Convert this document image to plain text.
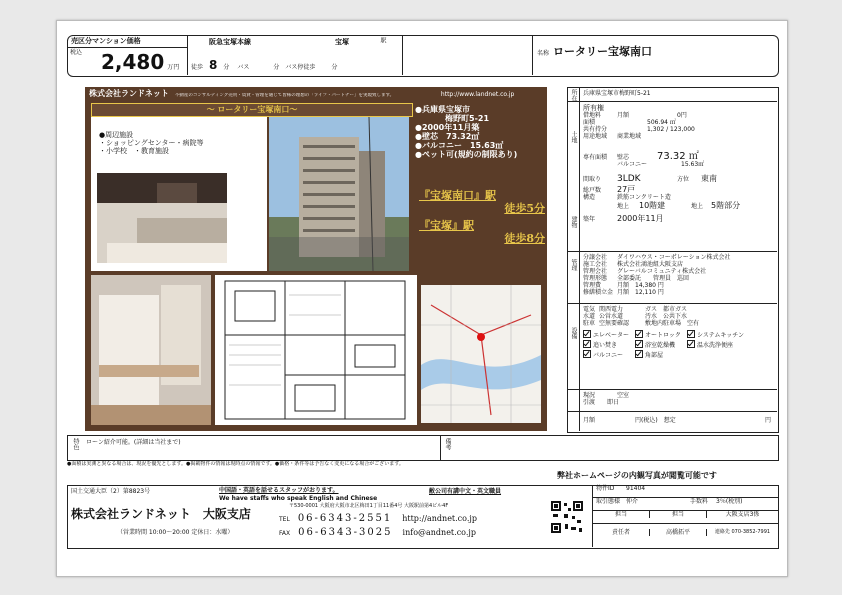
売区分マンション価格
税込 2,480 万円
阪急宝塚本線	宝塚	駅
徒歩 8 分 バス	分 バス停徒歩	分
名称 ロータリー宝塚南口
株式会社ランドネット 不動産のコンサルティング売買・賃貸・管理を通じて皆様の理想の「ライフ・パートナー」を実現致します。	http://www.landnet.co.jp
～ ロータリー宝塚南口～
●周辺施設
・ショッピングセンター・病院等
・小学校　・教育施設
●兵庫県宝塚市
梅野町5-21
●2000年11月築
●壁芯　73.32㎡
●バルコニー　15.63㎡
●ペット可(規約の制限あり)
『宝塚南口』駅
徒歩5分
『宝塚』駅
徒歩8分
特色 ローン紹介可能。(詳細は当社まで)	備考
所在 兵庫県宝塚市梅野町5-21
土地
所有権
借地料	月額　　　　　　　　0円
面積	506.94 ㎡
共有持分	1,302 / 123,000
用途地域	商業地域
建物
専有面積	壁芯	73.32 ㎡
バルコニー	15.63㎡
間取り	3LDK	方位	東南
総戸数	27戸
構造	鉄筋コンクリート造
地上	10階建	地上 5階部分
築年	2000年11月
管理
分譲会社	ダイワハウス・コーポレーション株式会社
施工会社	株式会社鴻池組大阪支店
管理会社	グレーバルコミュニティ株式会社
管理形態	全部委託　　管理員　巡回
管理費	月額　14,380 円
修繕積立金 月額　12,110 円
設備
電気 関西電力	ガス 都市ガス
水道 公営水道	汚水 公共下水
駐車 空無要確認	敷地内駐車場　空有
エレベーター	オートロック	システムキッチン
追い焚き	浴室乾燥機	温水洗浄便座
バルコニー	角部屋
現況	空室
引渡	即日
月額	円(税込)　想定	円
●面積は実測と異なる場合は、現況を優先とします。●掲載物件の情報は現時点の情報です。●価格・条件等は予告なく変更になる場合がございます。
弊社ホームページの内観写真が閲覧可能です
国土交通大臣（2）第8823号	中国語・英語を話せるスタッフがおります。
We have staffs who speak English and Chinese
敝公司有講中文・英文職員
株式会社ランドネット　大阪支店
〒530-0001 大阪府大阪市北区梅田1丁目11番4号 大阪駅前第4ビル4F
TEL 06-6343-2551 http://andnet.co.jp
FAX 06-6343-3025 info@andnet.co.jp
（営業時間 10:00～20:00 定休日：水曜）
物件ID	91404
取引態様 仲介	手数料	3％(税別)
担当	担当	大阪支店3係
責任者	高橋拓平	連絡先 070-3852-7991
